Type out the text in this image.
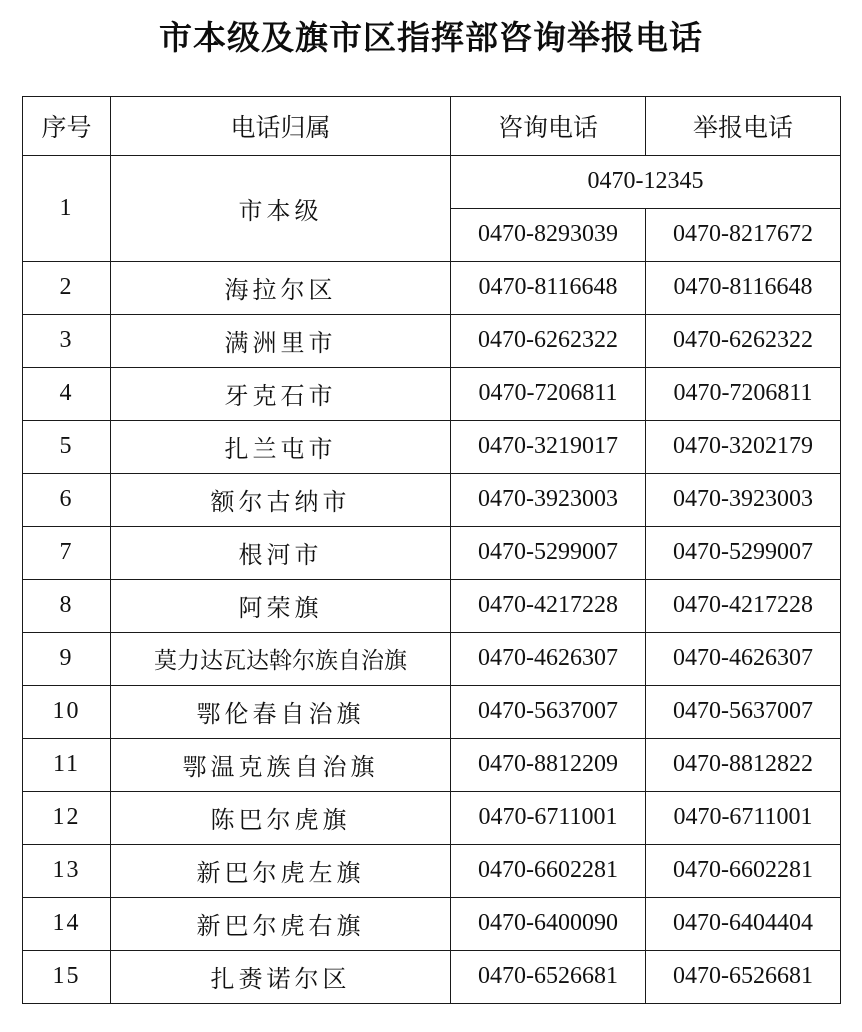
市本级及旗市区指挥部咨询举报电话
序号	电话归属	咨询电话	举报电话
1	市本级	0470-12345	
		0470-8293039	0470-8217672
2	海拉尔区	0470-8116648	0470-8116648
3	满洲里市	0470-6262322	0470-6262322
4	牙克石市	0470-7206811	0470-7206811
5	扎兰屯市	0470-3219017	0470-3202179
6	额尔古纳市	0470-3923003	0470-3923003
7	根河市	0470-5299007	0470-5299007
8	阿荣旗	0470-4217228	0470-4217228
9	莫力达瓦达斡尔族自治旗	0470-4626307	0470-4626307
10	鄂伦春自治旗	0470-5637007	0470-5637007
11	鄂温克族自治旗	0470-8812209	0470-8812822
12	陈巴尔虎旗	0470-6711001	0470-6711001
13	新巴尔虎左旗	0470-6602281	0470-6602281
14	新巴尔虎右旗	0470-6400090	0470-6404404
15	扎赉诺尔区	0470-6526681	0470-6526681
